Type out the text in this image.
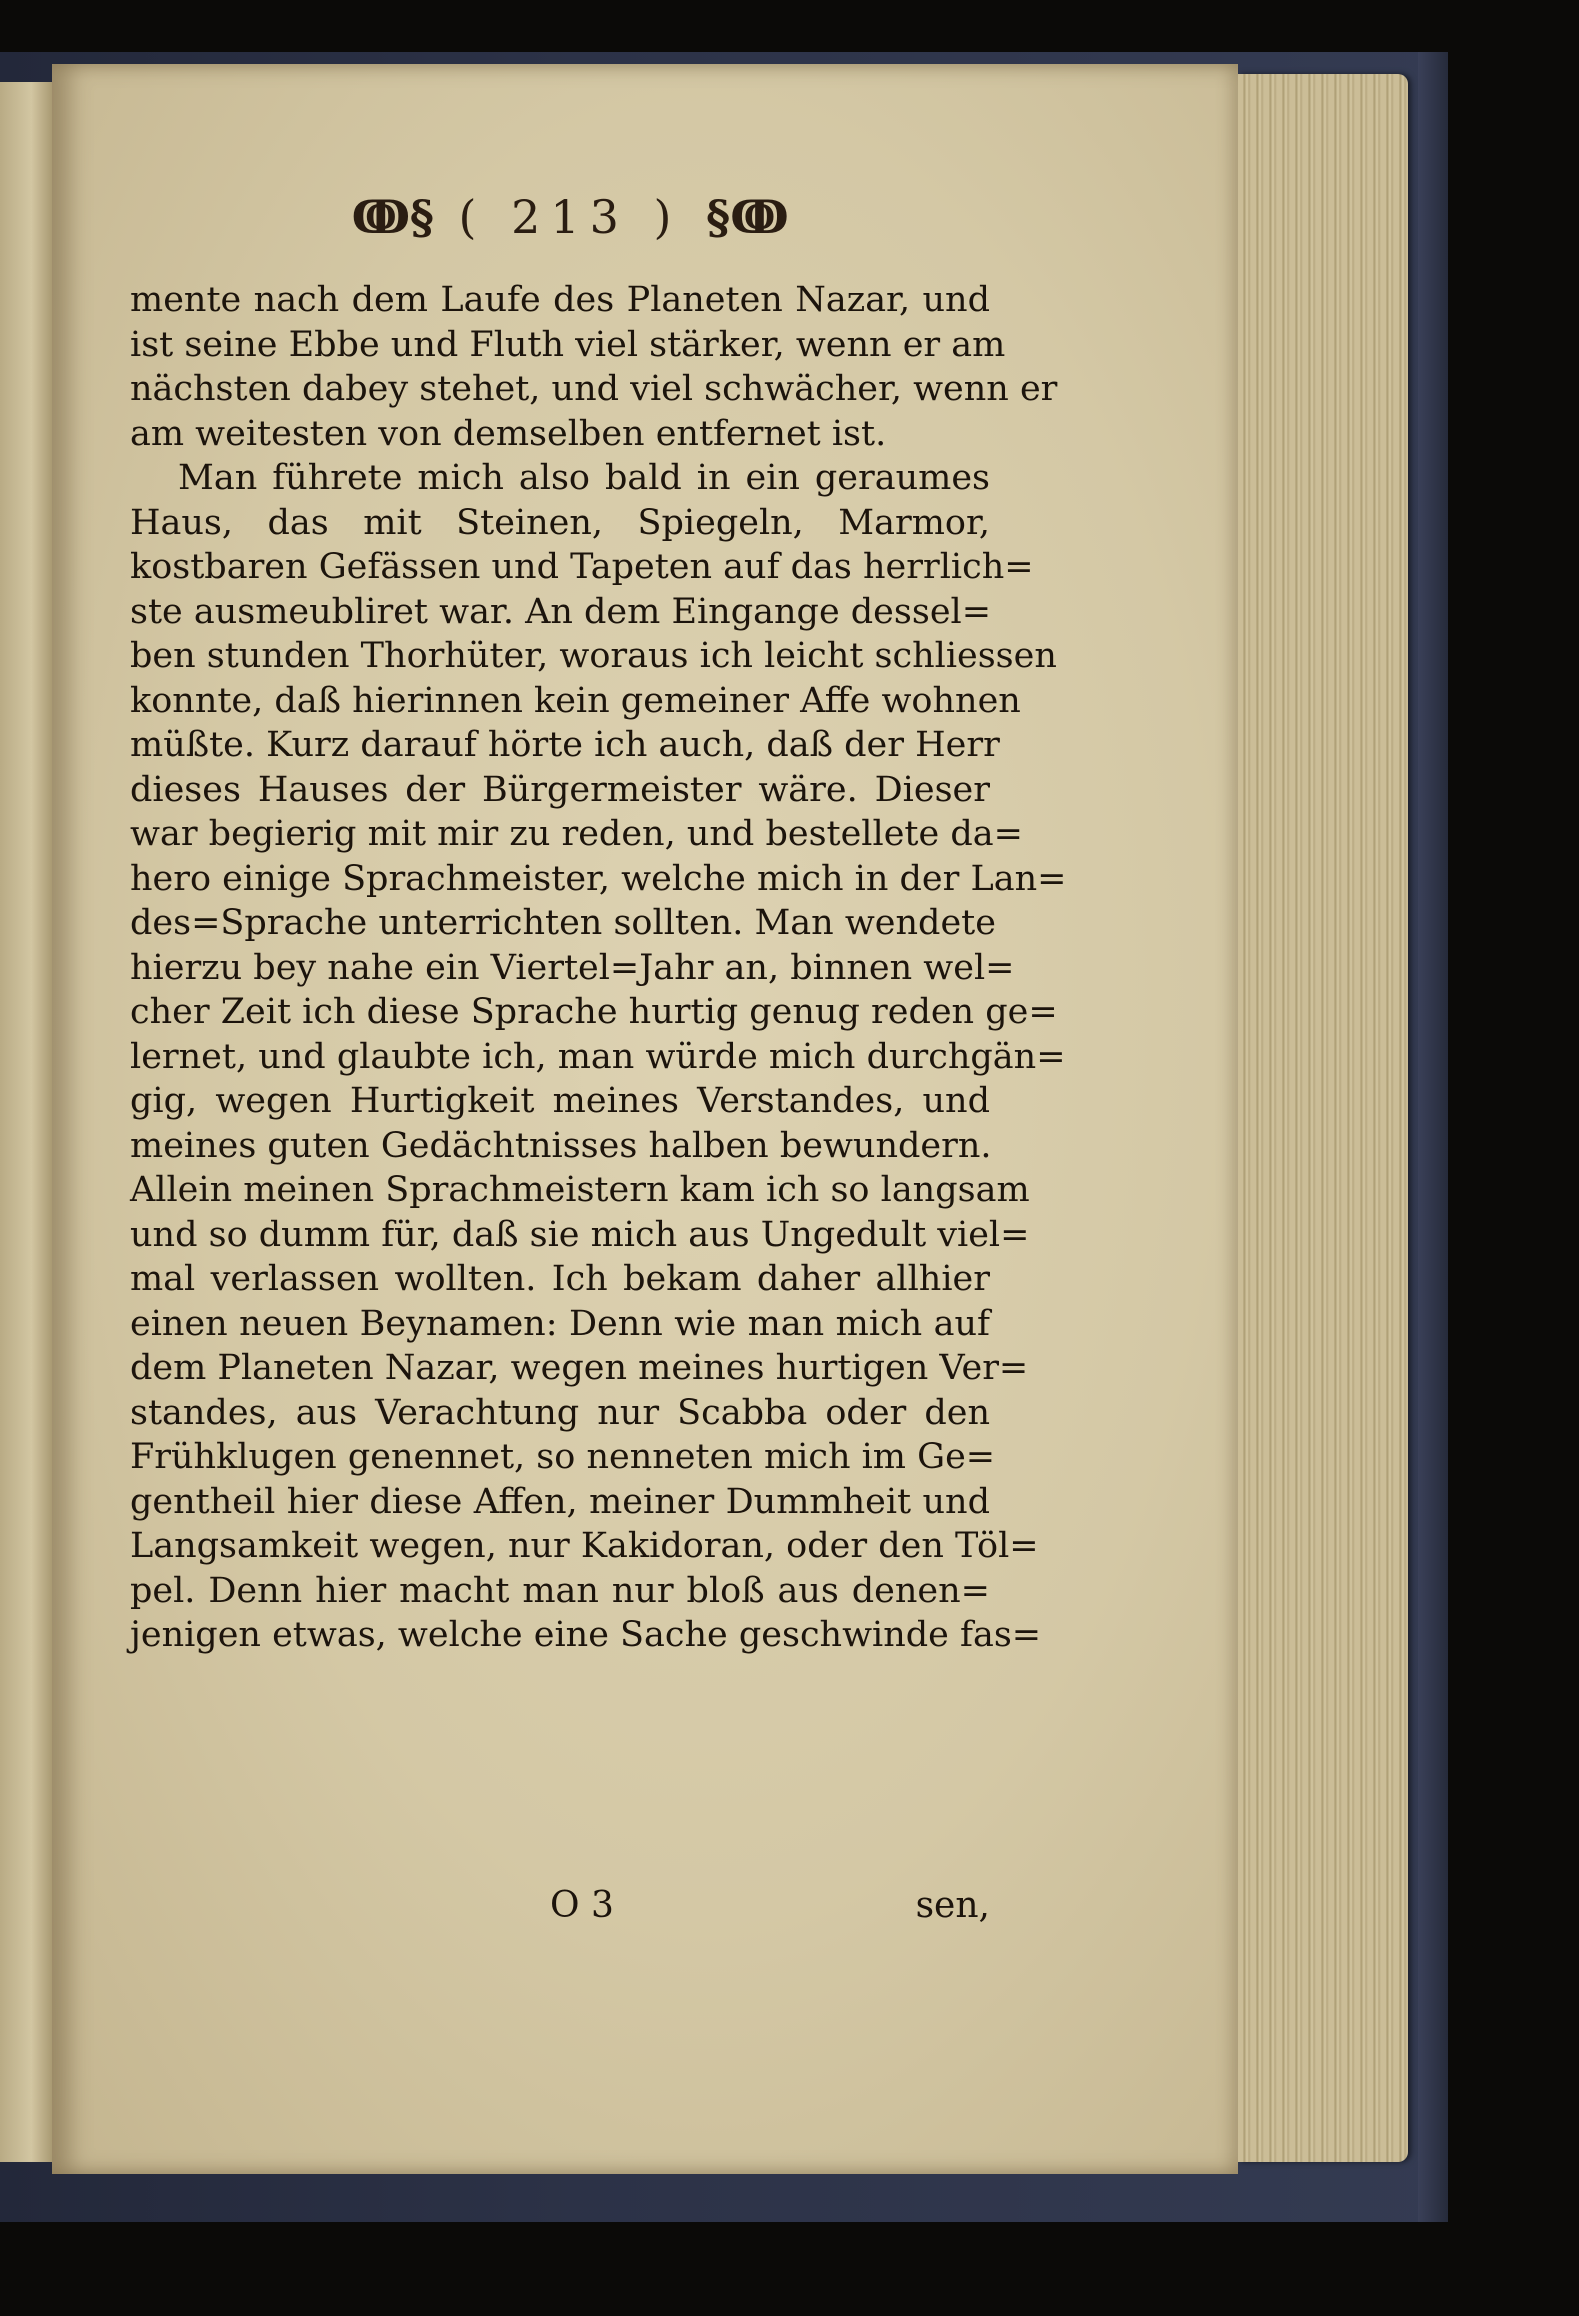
ↂ§ ( 213 ) §ↂ
mente nach dem Laufe des Planeten Nazar, und
ist seine Ebbe und Fluth viel stärker, wenn er am
nächsten dabey stehet, und viel schwächer, wenn er
am weitesten von demselben entfernet ist.
Man führete mich also bald in ein geraumes
Haus, das mit Steinen, Spiegeln, Marmor,
kostbaren Gefässen und Tapeten auf das herrlich=
ste ausmeubliret war. An dem Eingange dessel=
ben stunden Thorhüter, woraus ich leicht schliessen
konnte, daß hierinnen kein gemeiner Affe wohnen
müßte. Kurz darauf hörte ich auch, daß der Herr
dieses Hauses der Bürgermeister wäre. Dieser
war begierig mit mir zu reden, und bestellete da=
hero einige Sprachmeister, welche mich in der Lan=
des=Sprache unterrichten sollten. Man wendete
hierzu bey nahe ein Viertel=Jahr an, binnen wel=
cher Zeit ich diese Sprache hurtig genug reden ge=
lernet, und glaubte ich, man würde mich durchgän=
gig, wegen Hurtigkeit meines Verstandes, und
meines guten Gedächtnisses halben bewundern.
Allein meinen Sprachmeistern kam ich so langsam
und so dumm für, daß sie mich aus Ungedult viel=
mal verlassen wollten. Ich bekam daher allhier
einen neuen Beynamen: Denn wie man mich auf
dem Planeten Nazar, wegen meines hurtigen Ver=
standes, aus Verachtung nur Scabba oder den
Frühklugen genennet, so nenneten mich im Ge=
gentheil hier diese Affen, meiner Dummheit und
Langsamkeit wegen, nur Kakidoran, oder den Töl=
pel. Denn hier macht man nur bloß aus denen=
jenigen etwas, welche eine Sache geschwinde fas=
O 3	sen,
